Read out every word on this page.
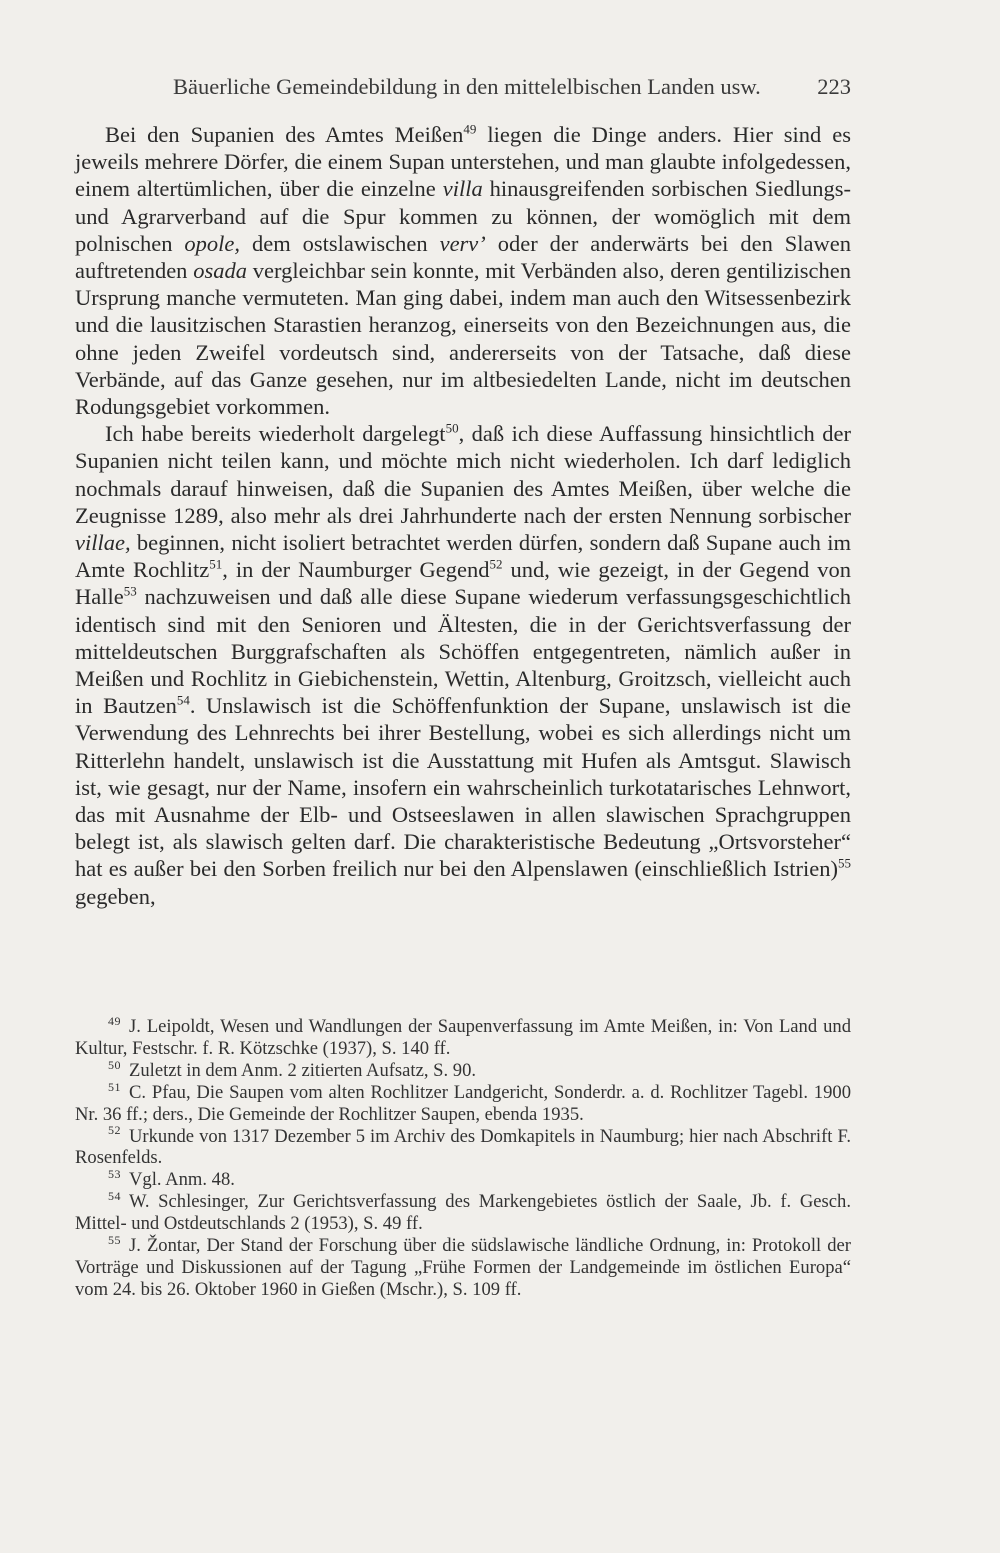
Bäuerliche Gemeindebildung in den mittelelbischen Landen usw.	223

Bei den Supanien des Amtes Meißen$^{49}$ liegen die Dinge anders. Hier sind es jeweils mehrere Dörfer, die einem Supan unterstehen, und man glaubte infolgedessen, einem altertümlichen, über die einzelne villa hinausgreifenden sorbischen Siedlungs- und Agrarverband auf die Spur kommen zu können, der womöglich mit dem polnischen opole, dem ostslawischen verv’ oder der anderwärts bei den Slawen auftretenden osada vergleichbar sein konnte, mit Verbänden also, deren gentilizischen Ursprung manche vermuteten. Man ging dabei, indem man auch den Witsessenbezirk und die lausitzischen Starastien heranzog, einerseits von den Bezeichnungen aus, die ohne jeden Zweifel vordeutsch sind, andererseits von der Tatsache, daß diese Verbände, auf das Ganze gesehen, nur im altbesiedelten Lande, nicht im deutschen Rodungsgebiet vorkommen.

Ich habe bereits wiederholt dargelegt$^{50}$, daß ich diese Auffassung hinsichtlich der Supanien nicht teilen kann, und möchte mich nicht wiederholen. Ich darf lediglich nochmals darauf hinweisen, daß die Supanien des Amtes Meißen, über welche die Zeugnisse 1289, also mehr als drei Jahrhunderte nach der ersten Nennung sorbischer villae, beginnen, nicht isoliert betrachtet werden dürfen, sondern daß Supane auch im Amte Rochlitz$^{51}$, in der Naumburger Gegend$^{52}$ und, wie gezeigt, in der Gegend von Halle$^{53}$ nachzuweisen und daß alle diese Supane wiederum verfassungsgeschichtlich identisch sind mit den Senioren und Ältesten, die in der Gerichtsverfassung der mitteldeutschen Burggrafschaften als Schöffen entgegentreten, nämlich außer in Meißen und Rochlitz in Giebichenstein, Wettin, Altenburg, Groitzsch, vielleicht auch in Bautzen$^{54}$. Unslawisch ist die Schöffenfunktion der Supane, unslawisch ist die Verwendung des Lehnrechts bei ihrer Bestellung, wobei es sich allerdings nicht um Ritterlehn handelt, unslawisch ist die Ausstattung mit Hufen als Amtsgut. Slawisch ist, wie gesagt, nur der Name, insofern ein wahrscheinlich turkotatarisches Lehnwort, das mit Ausnahme der Elb- und Ostseeslawen in allen slawischen Sprachgruppen belegt ist, als slawisch gelten darf. Die charakteristische Bedeutung „Ortsvorsteher“ hat es außer bei den Sorben freilich nur bei den Alpenslawen (einschließlich Istrien)$^{55}$ gegeben,

$^{49}$ J. Leipoldt, Wesen und Wandlungen der Saupenverfassung im Amte Meißen, in: Von Land und Kultur, Festschr. f. R. Kötzschke (1937), S. 140 ff.

$^{50}$ Zuletzt in dem Anm. 2 zitierten Aufsatz, S. 90.

$^{51}$ C. Pfau, Die Saupen vom alten Rochlitzer Landgericht, Sonderdr. a. d. Rochlitzer Tagebl. 1900 Nr. 36 ff.; ders., Die Gemeinde der Rochlitzer Saupen, ebenda 1935.

$^{52}$ Urkunde von 1317 Dezember 5 im Archiv des Domkapitels in Naumburg; hier nach Abschrift F. Rosenfelds.

$^{53}$ Vgl. Anm. 48.

$^{54}$ W. Schlesinger, Zur Gerichtsverfassung des Markengebietes östlich der Saale, Jb. f. Gesch. Mittel- und Ostdeutschlands 2 (1953), S. 49 ff.

$^{55}$ J. Žontar, Der Stand der Forschung über die südslawische ländliche Ordnung, in: Protokoll der Vorträge und Diskussionen auf der Tagung „Frühe Formen der Landgemeinde im östlichen Europa“ vom 24. bis 26. Oktober 1960 in Gießen (Mschr.), S. 109 ff.
